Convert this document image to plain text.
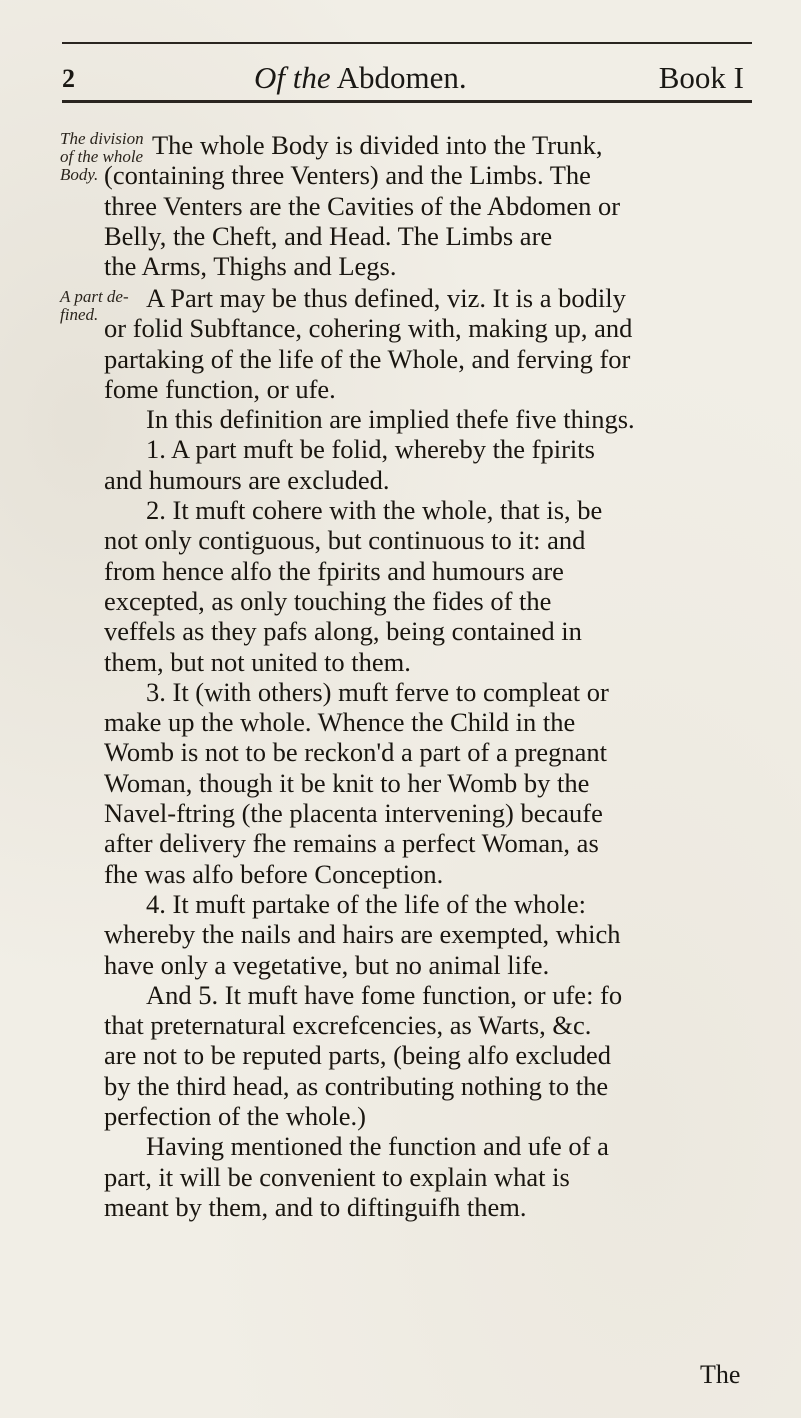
2	Of the Abdomen.	Book I
The division
of the whole
Body.
A part de-
fined.
The whole Body is divided into the Trunk,
(containing three Venters) and the Limbs. The
three Venters are the Cavities of the Abdomen or
Belly, the Cheft, and Head. The Limbs are
the Arms, Thighs and Legs.
A Part may be thus defined, viz. It is a bodily
or folid Subftance, cohering with, making up, and
partaking of the life of the Whole, and ferving for
fome function, or ufe.
In this definition are implied thefe five things.
1. A part muft be folid, whereby the fpirits
and humours are excluded.
2. It muft cohere with the whole, that is, be
not only contiguous, but continuous to it: and
from hence alfo the fpirits and humours are
excepted, as only touching the fides of the
veffels as they pafs along, being contained in
them, but not united to them.
3. It (with others) muft ferve to compleat or
make up the whole. Whence the Child in the
Womb is not to be reckon'd a part of a pregnant
Woman, though it be knit to her Womb by the
Navel-ftring (the placenta intervening) becaufe
after delivery fhe remains a perfect Woman, as
fhe was alfo before Conception.
4. It muft partake of the life of the whole:
whereby the nails and hairs are exempted, which
have only a vegetative, but no animal life.
And 5. It muft have fome function, or ufe: fo
that preternatural excrefcencies, as Warts, &c.
are not to be reputed parts, (being alfo excluded
by the third head, as contributing nothing to the
perfection of the whole.)
Having mentioned the function and ufe of a
part, it will be convenient to explain what is
meant by them, and to diftinguifh them.
The
